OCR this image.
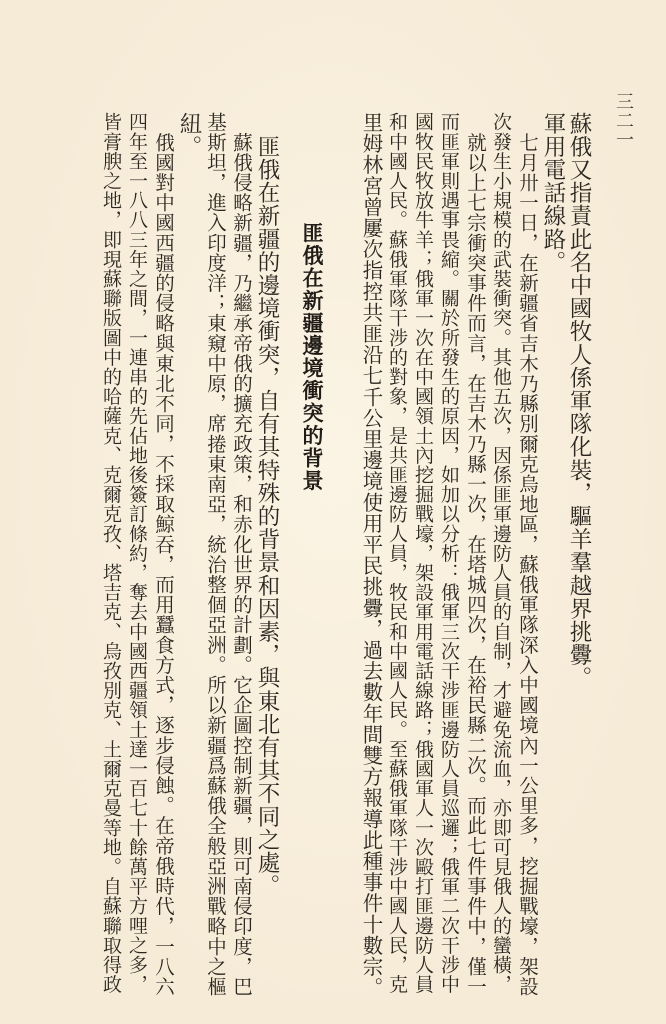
三二一
蘇俄又指責此名中國牧人係軍隊化裝，驅羊羣越界挑釁。
軍用電話線路。
　七月卅一日，在新疆省吉木乃縣別爾克烏地區，蘇俄軍隊深入中國境內一公里多，挖掘戰壕，架設
次發生小規模的武裝衝突。其他五次，因係匪軍邊防人員的自制，才避免流血，亦即可見俄人的蠻橫，
　就以上七宗衝突事件而言，在吉木乃縣一次，在塔城四次，在裕民縣二次。而此七件事件中，僅一
而匪軍則遇事畏縮。關於所發生的原因，如加以分析：俄軍三次干涉匪邊防人員巡邏；俄軍二次干涉中
國牧民牧放牛羊；俄軍一次在中國領土內挖掘戰壕，架設軍用電話線路；俄國軍人一次毆打匪邊防人員
和中國人民。蘇俄軍隊干涉的對象，是共匪邊防人員，牧民和中國人民。至蘇俄軍隊干涉中國人民，克
里姆林宮曾屢次指控共匪沿七千公里邊境使用平民挑釁，過去數年間雙方報導此種事件十數宗。
匪俄在新疆邊境衝突的背景
　匪俄在新疆的邊境衝突，自有其特殊的背景和因素，與東北有其不同之處。
　蘇俄侵略新疆，乃繼承帝俄的擴充政策，和赤化世界的計劃。它企圖控制新疆，則可南侵印度，巴
基斯坦，進入印度洋；東窺中原，席捲東南亞，統治整個亞洲。所以新疆爲蘇俄全般亞洲戰略中之樞
紐。
　俄國對中國西疆的侵略與東北不同，不採取鯨吞，而用蠶食方式，逐步侵蝕。在帝俄時代，一八六
四年至一八八三年之間，一連串的先佔地後簽訂條約，奪去中國西疆領土達一百七十餘萬平方哩之多，
皆膏腴之地，即現蘇聯版圖中的哈薩克、克爾克孜、塔吉克、烏孜別克、土爾克曼等地。自蘇聯取得政
